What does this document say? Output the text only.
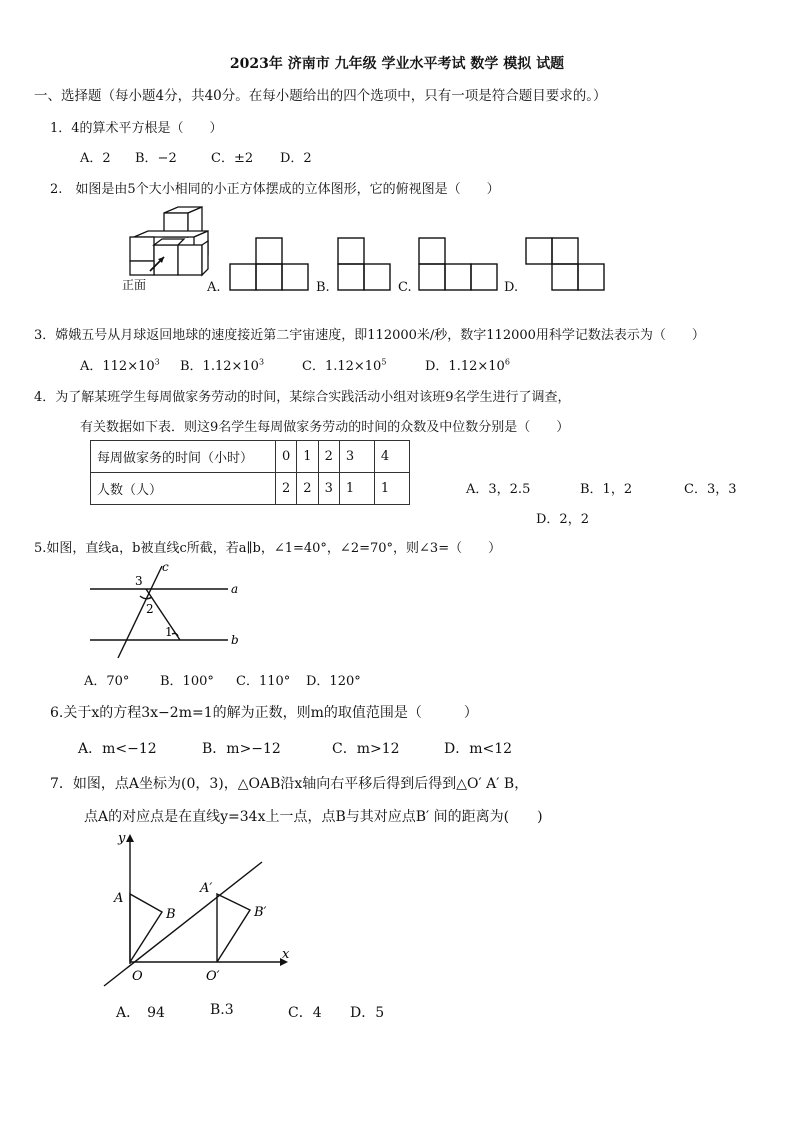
2023年 济南市 九年级 学业水平考试 数学 模拟 试题
一、选择题（每小题4分，共40分。在每小题给出的四个选项中，只有一项是符合题目要求的。）
1．4的算术平方根是（　　）
A．2 B．−2	C．±2 D．2
2.　如图是由5个大小相同的小正方体摆成的立体图形，它的俯视图是（　　）
正面	A.	B.	C.	D.
3．嫦娥五号从月球返回地球的速度接近第二宇宙速度，即112000米/秒，数字112000用科学记数法表示为（　　）
A．$112\times 10^3$ B．$1.12\times 10^3$	C．$1.12\times 10^5$	D．$1.12\times 10^6$
4．为了解某班学生每周做家务劳动的时间，某综合实践活动小组对该班9名学生进行了调查，
有关数据如下表．则这9名学生每周做家务劳动的时间的众数及中位数分别是（　　）
每周做家务的时间（小时）	0	1	2	3	4
人数（人）	2	2	3	1	1	A．3，2.5	B．1，2	C．3，3
D．2，2
5.如图，直线a，b被直线c所截，若a∥b，∠1=40°，∠2=70°，则∠3=（　　）
c
a
b
3
2
1
A．70° B．100° C．110° D．120°
6.关于x的方程3x−2m=1的解为正数，则m的取值范围是（　　　）
A．m<−12	B．m>−12	C．m>12	D．m<12
7．如图，点A坐标为(0，3)，△OAB沿x轴向右平移后得到后得到△O′ A′ B，
点A的对应点是在直线y=34x上一点，点B与其对应点B′ 间的距离为(　　)
y
x
A
B
O
A′
B′
O′
A．　94	B.3	C．4 D．5
